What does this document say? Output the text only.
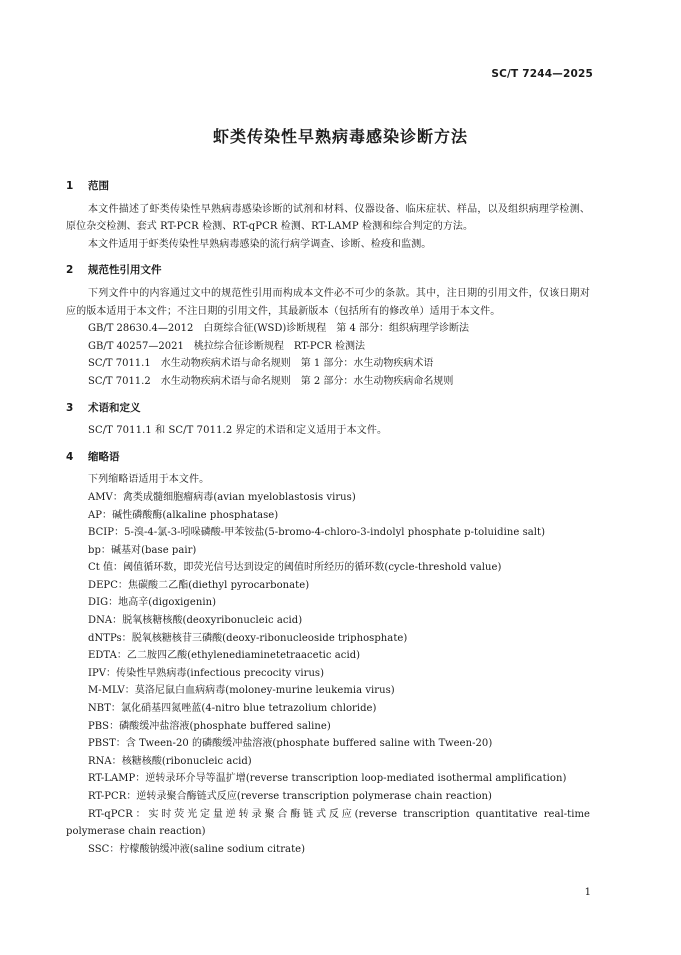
SC/T 7244—2025
虾类传染性早熟病毒感染诊断方法
1	范围

本文件描述了虾类传染性早熟病毒感染诊断的试剂和材料、仪器设备、临床症状、样品，以及组织病理学检测、原位杂交检测、套式 RT-PCR 检测、RT-qPCR 检测、RT-LAMP 检测和综合判定的方法。

本文件适用于虾类传染性早熟病毒感染的流行病学调查、诊断、检疫和监测。

2	规范性引用文件

下列文件中的内容通过文中的规范性引用而构成本文件必不可少的条款。其中，注日期的引用文件，仅该日期对应的版本适用于本文件；不注日期的引用文件，其最新版本（包括所有的修改单）适用于本文件。

GB/T 28630.4—2012　白斑综合征(WSD)诊断规程　第 4 部分：组织病理学诊断法
GB/T 40257—2021　桃拉综合征诊断规程　RT-PCR 检测法
SC/T 7011.1　水生动物疾病术语与命名规则　第 1 部分：水生动物疾病术语
SC/T 7011.2　水生动物疾病术语与命名规则　第 2 部分：水生动物疾病命名规则
3	术语和定义

SC/T 7011.1 和 SC/T 7011.2 界定的术语和定义适用于本文件。

4	缩略语

下列缩略语适用于本文件。

AMV：禽类成髓细胞瘤病毒(avian myeloblastosis virus)
AP：碱性磷酸酶(alkaline phosphatase)
BCIP：5-溴-4-氯-3-吲哚磷酸-甲苯铵盐(5-bromo-4-chloro-3-indolyl phosphate p-toluidine salt)
bp：碱基对(base pair)
Ct 值：阈值循环数，即荧光信号达到设定的阈值时所经历的循环数(cycle-threshold value)
DEPC：焦碳酸二乙酯(diethyl pyrocarbonate)
DIG：地高辛(digoxigenin)
DNA：脱氧核糖核酸(deoxyribonucleic acid)
dNTPs：脱氧核糖核苷三磷酸(deoxy-ribonucleoside triphosphate)
EDTA：乙二胺四乙酸(ethylenediaminetetraacetic acid)
IPV：传染性早熟病毒(infectious precocity virus)
M-MLV：莫洛尼鼠白血病病毒(moloney-murine leukemia virus)
NBT：氯化硝基四氮唑蓝(4-nitro blue tetrazolium chloride)
PBS：磷酸缓冲盐溶液(phosphate buffered saline)
PBST：含 Tween-20 的磷酸缓冲盐溶液(phosphate buffered saline with Tween-20)
RNA：核糖核酸(ribonucleic acid)
RT-LAMP：逆转录环介导等温扩增(reverse transcription loop-mediated isothermal amplification)
RT-PCR：逆转录聚合酶链式反应(reverse transcription polymerase chain reaction)
RT-qPCR：实时荧光定量逆转录聚合酶链式反应(reverse transcription quantitative real-time polymerase chain reaction)
SSC：柠檬酸钠缓冲液(saline sodium citrate)
1
